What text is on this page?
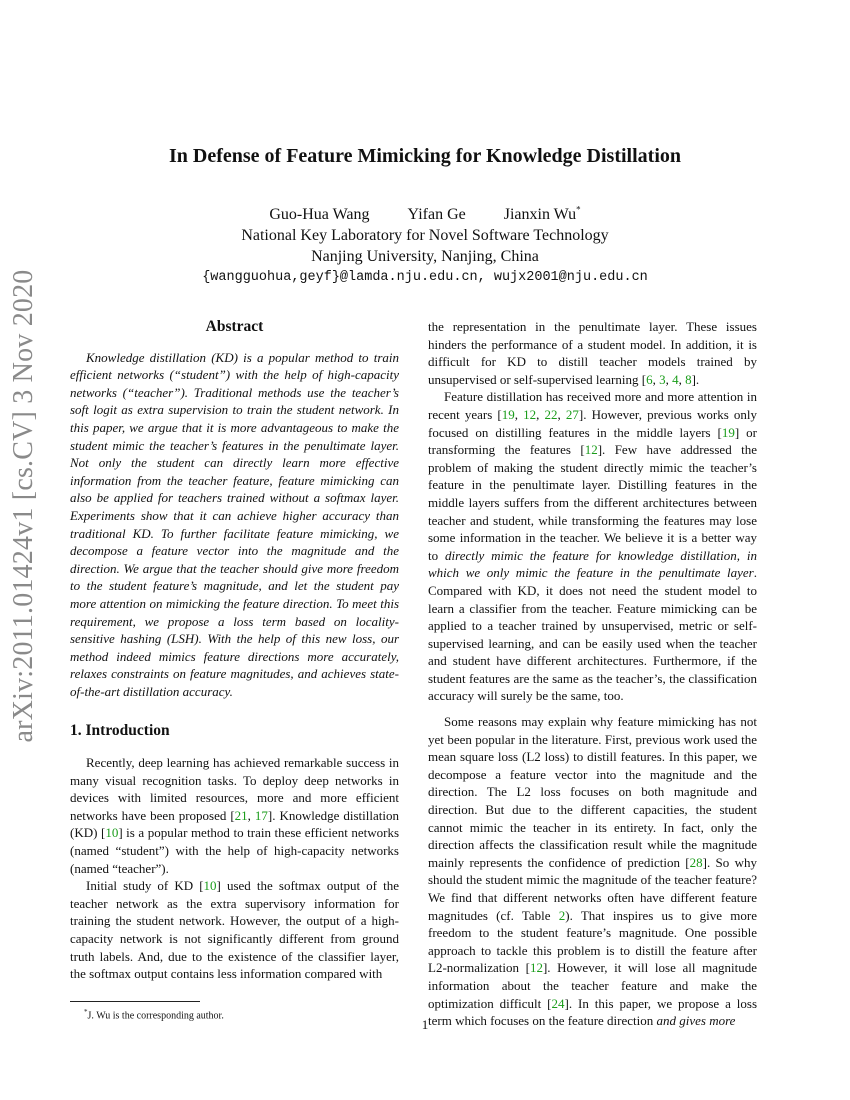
arXiv:2011.01424v1 [cs.CV] 3 Nov 2020
In Defense of Feature Mimicking for Knowledge Distillation
Guo-Hua Wang Yifan Ge Jianxin Wu*
National Key Laboratory for Novel Software Technology
Nanjing University, Nanjing, China
{wangguohua,geyf}@lamda.nju.edu.cn, wujx2001@nju.edu.cn
Abstract

Knowledge distillation (KD) is a popular method to train efficient networks (“student”) with the help of high-capacity networks (“teacher”). Traditional methods use the teacher’s soft logit as extra supervision to train the student network. In this paper, we argue that it is more advantageous to make the student mimic the teacher’s features in the penultimate layer. Not only the student can directly learn more effective information from the teacher feature, feature mimicking can also be applied for teachers trained without a softmax layer. Experiments show that it can achieve higher accuracy than traditional KD. To further facilitate feature mimicking, we decompose a feature vector into the magnitude and the direction. We argue that the teacher should give more freedom to the student feature’s magnitude, and let the student pay more attention on mimicking the feature direction. To meet this requirement, we propose a loss term based on locality-sensitive hashing (LSH). With the help of this new loss, our method indeed mimics feature directions more accurately, relaxes constraints on feature magnitudes, and achieves state-of-the-art distillation accuracy.

1. Introduction

Recently, deep learning has achieved remarkable success in many visual recognition tasks. To deploy deep networks in devices with limited resources, more and more efficient networks have been proposed [21, 17]. Knowledge distillation (KD) [10] is a popular method to train these efficient networks (named “student”) with the help of high-capacity networks (named “teacher”).

Initial study of KD [10] used the softmax output of the teacher network as the extra supervisory information for training the student network. However, the output of a high-capacity network is not significantly different from ground truth labels. And, due to the existence of the classifier layer, the softmax output contains less information compared with

the representation in the penultimate layer. These issues hinders the performance of a student model. In addition, it is difficult for KD to distill teacher models trained by unsupervised or self-supervised learning [6, 3, 4, 8].

Feature distillation has received more and more attention in recent years [19, 12, 22, 27]. However, previous works only focused on distilling features in the middle layers [19] or transforming the features [12]. Few have addressed the problem of making the student directly mimic the teacher’s feature in the penultimate layer. Distilling features in the middle layers suffers from the different architectures between teacher and student, while transforming the features may lose some information in the teacher. We believe it is a better way to directly mimic the feature for knowledge distillation, in which we only mimic the feature in the penultimate layer. Compared with KD, it does not need the student model to learn a classifier from the teacher. Feature mimicking can be applied to a teacher trained by unsupervised, metric or self-supervised learning, and can be easily used when the teacher and student have different architectures. Furthermore, if the student features are the same as the teacher’s, the classification accuracy will surely be the same, too.

Some reasons may explain why feature mimicking has not yet been popular in the literature. First, previous work used the mean square loss (L2 loss) to distill features. In this paper, we decompose a feature vector into the magnitude and the direction. The L2 loss focuses on both magnitude and direction. But due to the different capacities, the student cannot mimic the teacher in its entirety. In fact, only the direction affects the classification result while the magnitude mainly represents the confidence of prediction [28]. So why should the student mimic the magnitude of the teacher feature? We find that different networks often have different feature magnitudes (cf. Table 2). That inspires us to give more freedom to the student feature’s magnitude. One possible approach to tackle this problem is to distill the feature after L2-normalization [12]. However, it will lose all magnitude information about the teacher feature and make the optimization difficult [24]. In this paper, we propose a loss term which focuses on the feature direction and gives more

*J. Wu is the corresponding author.
1
